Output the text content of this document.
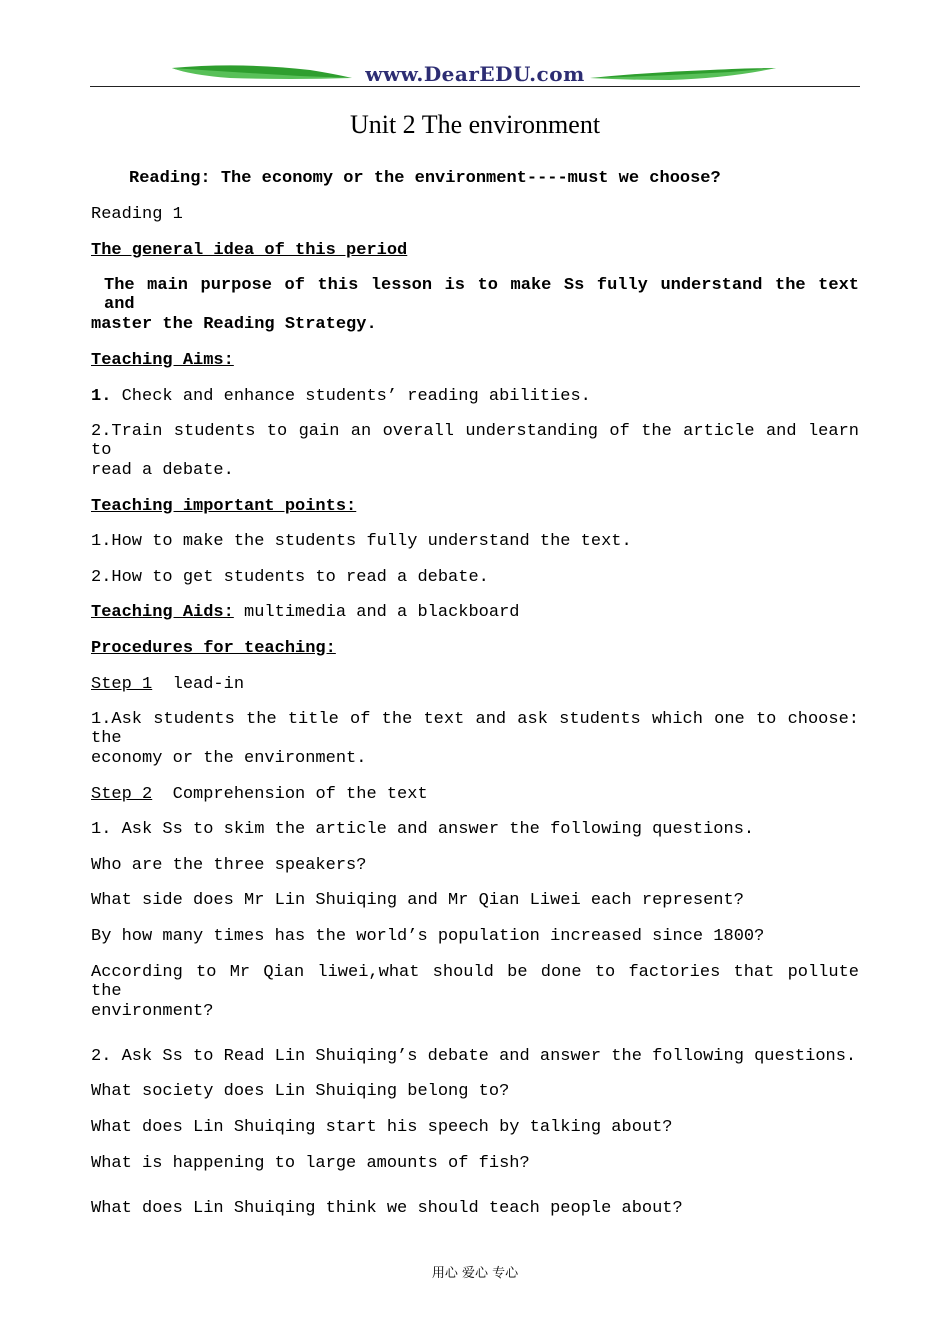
www.DearEDU.com
Unit 2 The environment
Reading: The economy or the environment----must we choose?
Reading 1
The general idea of this period
The main purpose of this lesson is to make Ss fully understand the text and
master the Reading Strategy.
Teaching Aims:
1. Check and enhance students’ reading abilities.
2.Train students to gain an overall understanding of the article and learn to
read a debate.
Teaching important points:
1.How to make the students fully understand the text.
2.How to get students to read a debate.
Teaching Aids: multimedia and a blackboard
Procedures for teaching:
Step 1 lead-in
1.Ask students the title of the text and ask students which one to choose: the
economy or the environment.
Step 2 Comprehension of the text
1. Ask Ss to skim the article and answer the following questions.
Who are the three speakers?
What side does Mr Lin Shuiqing and Mr Qian Liwei each represent?
By how many times has the world’s population increased since 1800?
According to Mr Qian liwei,what should be done to factories that pollute the
environment?
2. Ask Ss to Read Lin Shuiqing’s debate and answer the following questions.
What society does Lin Shuiqing belong to?
What does Lin Shuiqing start his speech by talking about?
What is happening to large amounts of fish?
What does Lin Shuiqing think we should teach people about?
用心 爱心 专心
